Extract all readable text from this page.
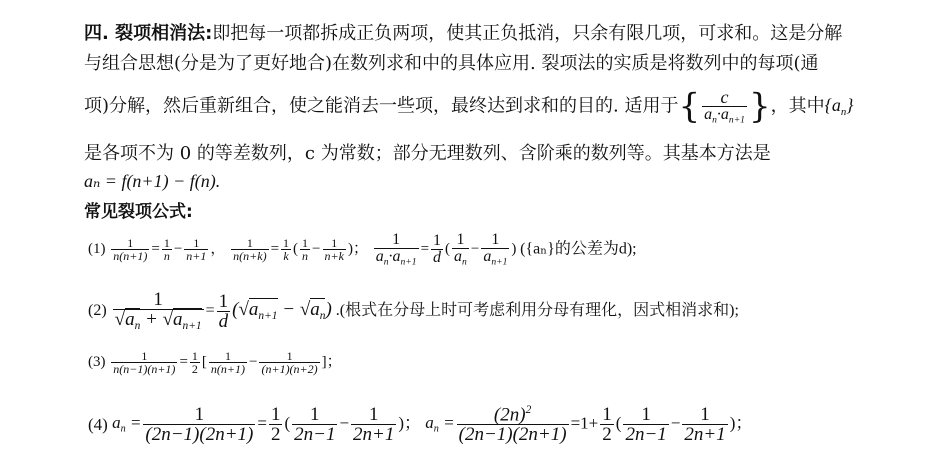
四. 裂项相消法:即把每一项都拆成正负两项，使其正负抵消，只余有限几项，可求和。这是分解
与组合思想(分是为了更好地合)在数列求和中的具体应用. 裂项法的实质是将数列中的每项(通
项)分解，然后重新组合，使之能消去一些项，最终达到求和的目的. 适用于{ $\frac{c}{a_n\cdot a_{n+1}}$ }，其中$\{a_n\}$
是各项不为 0 的等差数列，c 为常数；部分无理数列、含阶乘的数列等。其基本方法是
aₙ = f(n+1) − f(n).
常见裂项公式:
$(1) \frac{1}{n(n+1)} = \frac{1}{n} - \frac{1}{n+1}$ ， $\frac{1}{n(n+k)} = \frac{1}{k}$ ( $\frac{1}{n} - \frac{1}{n+k}$ )； $\frac{1}{a_n\cdot a_{n+1}} = \frac{1}{d}$ ( $\frac{1}{a_n} - \frac{1}{a_{n+1}}$ ) ({aₙ}的公差为d);
$(2) \frac{1}{√a_n + √a_{n+1}} = \frac{1}{d} (√a_{n+1} - √a_n)$ .(根式在分母上时可考虑利用分母有理化，因式相消求和);
$(3) \frac{1}{n(n-1)(n+1)} = \frac{1}{2}$ [ $\frac{1}{n(n+1)} - \frac{1}{(n+1)(n+2)}$ ]；
(4) $a_n = \frac{1}{(2n-1)(2n+1)} = \frac{1}{2}$ ( $\frac{1}{2n-1} - \frac{1}{2n+1}$ )； $a_n = \frac{(2n)^2}{(2n-1)(2n+1)} =1+ \frac{1}{2}$ ( $\frac{1}{2n-1} - \frac{1}{2n+1}$ )；
